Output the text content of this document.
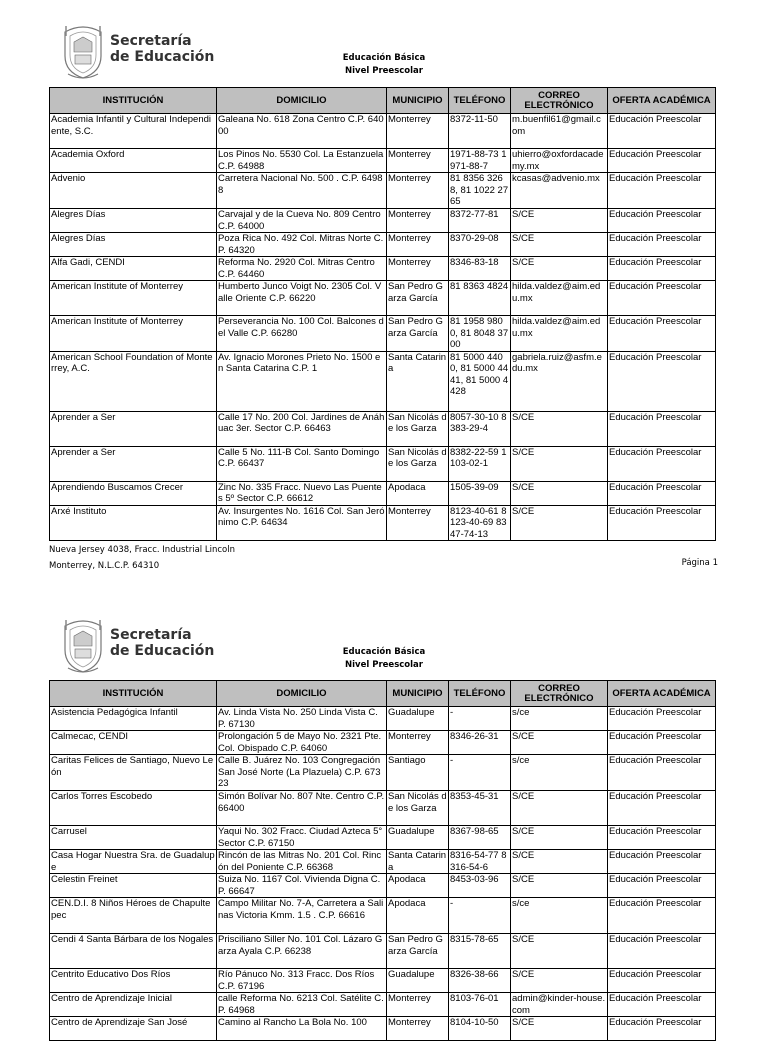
Secretaría
de Educación	Educación Básica
Nivel Preescolar
INSTITUCIÓN	DOMICILIO	MUNICIPIO	TELÉFONO	CORREO ELECTRÓNICO	OFERTA ACADÉMICA
Academia Infantil y Cultural Independiente, S.C.	Galeana No. 618 Zona Centro C.P. 64000	Monterrey	8372-11-50	m.buenfil61@gmail.com	Educación Preescolar
Academia Oxford	Los Pinos No. 5530 Col. La Estanzuela C.P. 64988	Monterrey	1971-88-73 1971-88-7	uhierro@oxfordacademy.mx	Educación Preescolar
Advenio	Carretera Nacional No. 500 . C.P. 64988	Monterrey	81 8356 3268, 81 1022 2765	kcasas@advenio.mx	Educación Preescolar
Alegres Días	Carvajal y de la Cueva No. 809 Centro C.P. 64000	Monterrey	8372-77-81	S/CE	Educación Preescolar
Alegres Días	Poza Rica No. 492 Col. Mitras Norte C.P. 64320	Monterrey	8370-29-08	S/CE	Educación Preescolar
Alfa Gadi, CENDI	Reforma No. 2920 Col. Mitras Centro C.P. 64460	Monterrey	8346-83-18	S/CE	Educación Preescolar
American Institute of Monterrey	Humberto Junco Voigt No. 2305 Col. Valle Oriente C.P. 66220	San Pedro Garza García	81 8363 4824	hilda.valdez@aim.edu.mx	Educación Preescolar
American Institute of Monterrey	Perseverancia No. 100 Col. Balcones del Valle C.P. 66280	San Pedro Garza García	81 1958 9800, 81 8048 3700	hilda.valdez@aim.edu.mx	Educación Preescolar
American School Foundation of Monterrey, A.C.	Av. Ignacio Morones Prieto No. 1500 en Santa Catarina C.P. 1	Santa Catarina	81 5000 4400, 81 5000 4441, 81 5000 4428	gabriela.ruiz@asfm.edu.mx	Educación Preescolar
Aprender a Ser	Calle 17 No. 200 Col. Jardines de Anáhuac 3er. Sector C.P. 66463	San Nicolás de los Garza	8057-30-10 8383-29-4	S/CE	Educación Preescolar
Aprender a Ser	Calle 5 No. 111-B Col. Santo Domingo C.P. 66437	San Nicolás de los Garza	8382-22-59 1103-02-1	S/CE	Educación Preescolar
Aprendiendo Buscamos Crecer	Zinc No. 335 Fracc. Nuevo Las Puentes 5º Sector C.P. 66612	Apodaca	1505-39-09	S/CE	Educación Preescolar
Arxé Instituto	Av. Insurgentes No. 1616 Col. San Jerónimo C.P. 64634	Monterrey	8123-40-61 8123-40-69 8347-74-13	S/CE	Educación Preescolar
Nueva Jersey 4038, Fracc. Industrial Lincoln
Monterrey, N.L.C.P. 64310	Página 1
Secretaría
de Educación	Educación Básica
Nivel Preescolar
INSTITUCIÓN	DOMICILIO	MUNICIPIO	TELÉFONO	CORREO ELECTRÓNICO	OFERTA ACADÉMICA
Asistencia Pedagógica Infantil	Av. Linda Vista No. 250 Linda Vista C.P. 67130	Guadalupe	-	s/ce	Educación Preescolar
Calmecac, CENDI	Prolongación 5 de Mayo No. 2321 Pte. Col. Obispado C.P. 64060	Monterrey	8346-26-31	S/CE	Educación Preescolar
Caritas Felices de Santiago, Nuevo León	Calle B. Juárez No. 103 Congregación San José Norte (La Plazuela) C.P. 67323	Santiago	-	s/ce	Educación Preescolar
Carlos Torres Escobedo	Simón Bolívar No. 807 Nte. Centro C.P. 66400	San Nicolás de los Garza	8353-45-31	S/CE	Educación Preescolar
Carrusel	Yaqui No. 302 Fracc. Ciudad Azteca 5° Sector C.P. 67150	Guadalupe	8367-98-65	S/CE	Educación Preescolar
Casa Hogar Nuestra Sra. de Guadalupe	Rincón de las Mitras No. 201 Col. Rincón del Poniente C.P. 66368	Santa Catarina	8316-54-77 8316-54-6	S/CE	Educación Preescolar
Celestin Freinet	Suiza No. 1167 Col. Vivienda Digna C.P. 66647	Apodaca	8453-03-96	S/CE	Educación Preescolar
CEN.D.I. 8 Niños Héroes de Chapultepec	Campo Militar No. 7-A, Carretera a Salinas Victoria Kmm. 1.5 . C.P. 66616	Apodaca	-	s/ce	Educación Preescolar
Cendi 4 Santa Bárbara de los Nogales	Prisciliano Siller No. 101 Col. Lázaro Garza Ayala C.P. 66238	San Pedro Garza García	8315-78-65	S/CE	Educación Preescolar
Centrito Educativo Dos Ríos	Río Pánuco No. 313 Fracc. Dos Ríos C.P. 67196	Guadalupe	8326-38-66	S/CE	Educación Preescolar
Centro de Aprendizaje Inicial	calle Reforma No. 6213 Col. Satélite C.P. 64968	Monterrey	8103-76-01	admin@kinder-house.com	Educación Preescolar
Centro de Aprendizaje San José	Camino al Rancho La Bola No. 100	Monterrey	8104-10-50	S/CE	Educación Preescolar
